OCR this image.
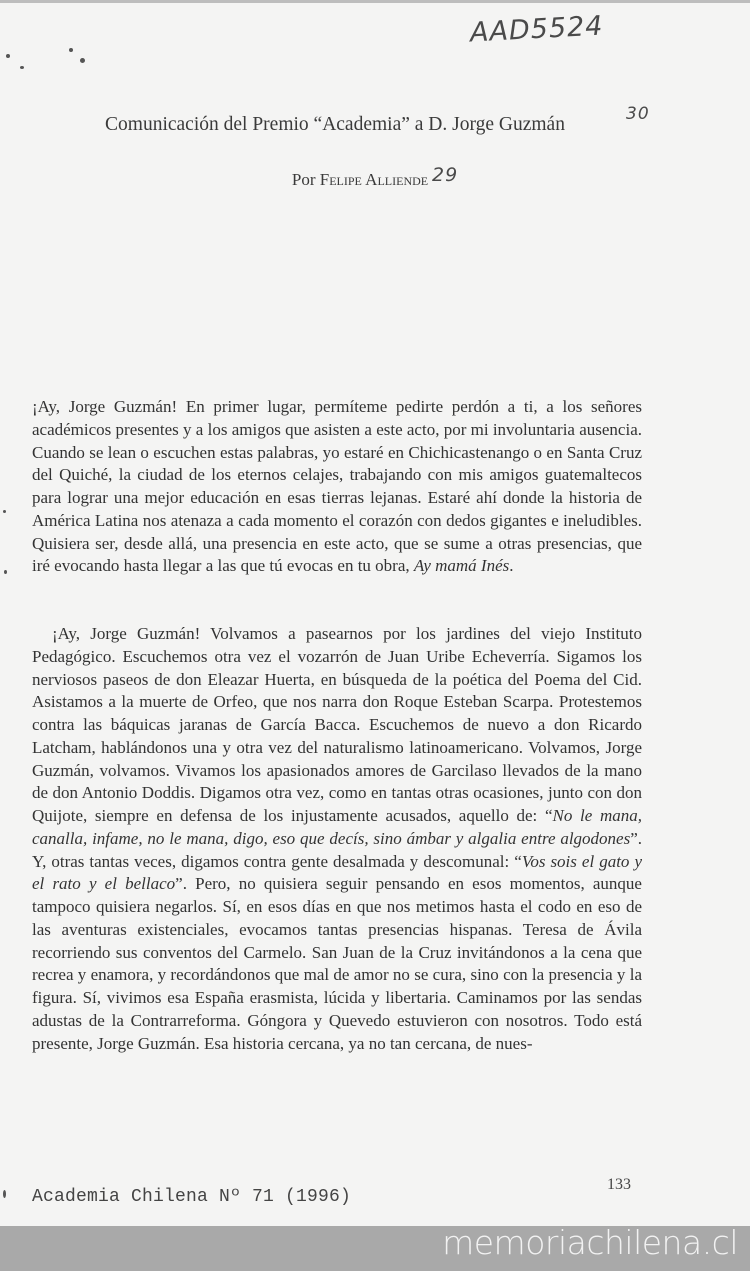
AAD5524
30
Comunicación del Premio “Academia” a D. Jorge Guzmán
Por Felipe Alliende 29

¡Ay, Jorge Guzmán! En primer lugar, permíteme pedirte perdón a ti, a los señores académicos presentes y a los amigos que asisten a este acto, por mi involuntaria ausencia. Cuando se lean o escuchen estas palabras, yo estaré en Chichicastenango o en Santa Cruz del Quiché, la ciudad de los eternos celajes, trabajando con mis amigos guatemaltecos para lograr una mejor educación en esas tierras lejanas. Estaré ahí donde la historia de América Latina nos atenaza a cada momento el corazón con dedos gigantes e ineludibles. Quisiera ser, desde allá, una presencia en este acto, que se sume a otras presencias, que iré evocando hasta llegar a las que tú evocas en tu obra, Ay mamá Inés.

¡Ay, Jorge Guzmán! Volvamos a pasearnos por los jardines del viejo Instituto Pedagógico. Escuchemos otra vez el vozarrón de Juan Uribe Echeverría. Sigamos los nerviosos paseos de don Eleazar Huerta, en búsqueda de la poética del Poema del Cid. Asistamos a la muerte de Orfeo, que nos narra don Roque Esteban Scarpa. Protestemos contra las báquicas jaranas de García Bacca. Escuchemos de nuevo a don Ricardo Latcham, hablándonos una y otra vez del naturalismo latinoamericano. Volvamos, Jorge Guzmán, volvamos. Vivamos los apasionados amores de Garcilaso llevados de la mano de don Antonio Doddis. Digamos otra vez, como en tantas otras ocasiones, junto con don Quijote, siempre en defensa de los injustamente acusados, aquello de: “No le mana, canalla, infame, no le mana, digo, eso que decís, sino ámbar y algalia entre algodones”. Y, otras tantas veces, digamos contra gente desalmada y descomunal: “Vos sois el gato y el rato y el bellaco”. Pero, no quisiera seguir pensando en esos momentos, aunque tampoco quisiera negarlos. Sí, en esos días en que nos metimos hasta el codo en eso de las aventuras existenciales, evocamos tantas presencias hispanas. Teresa de Ávila recorriendo sus conventos del Carmelo. San Juan de la Cruz invitándonos a la cena que recrea y enamora, y recordándonos que mal de amor no se cura, sino con la presencia y la figura. Sí, vivimos esa España erasmista, lúcida y libertaria. Caminamos por las sendas adustas de la Contrarreforma. Góngora y Quevedo estuvieron con nosotros. Todo está presente, Jorge Guzmán. Esa historia cercana, ya no tan cercana, de nues-

Academia Chilena Nº 71 (1996)
133
memoriachilena.cl
